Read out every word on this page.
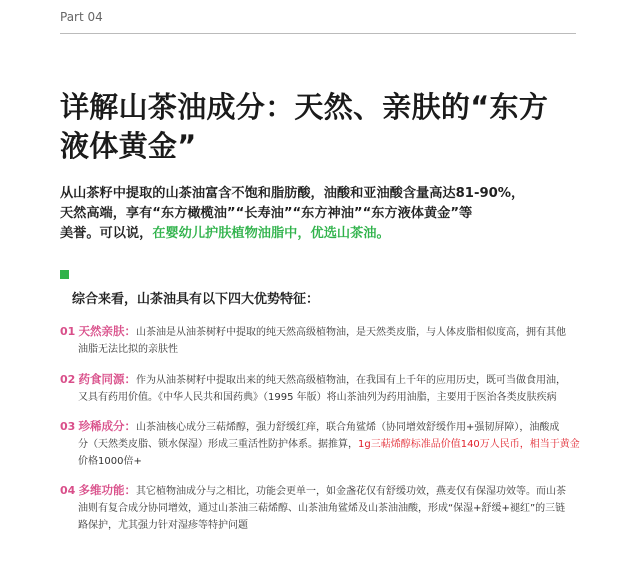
Part 04
详解山茶油成分：天然、亲肤的“东方
液体黄金”
从山茶籽中提取的山茶油富含不饱和脂肪酸，油酸和亚油酸含量高达81-90%，
天然高端，享有“东方橄榄油”“长寿油”“东方神油”“东方液体黄金”等
美誉。可以说，在婴幼儿护肤植物油脂中，优选山茶油。
综合来看，山茶油具有以下四大优势特征：
01 天然亲肤：山茶油是从油茶树籽中提取的纯天然高级植物油，是天然类皮脂，与人体皮脂相似度高，拥有其他
油脂无法比拟的亲肤性
02 药食同源：作为从油茶树籽中提取出来的纯天然高级植物油，在我国有上千年的应用历史，既可当做食用油，
又具有药用价值。《中华人民共和国药典》（1995 年版）将山茶油列为药用油脂，主要用于医治各类皮肤疾病
03 珍稀成分：山茶油核心成分三萜烯醇，强力舒缓红痒，联合角鲨烯（协同增效舒缓作用+强韧屏障），油酸成
分（天然类皮脂、锁水保湿）形成三重活性防护体系。据推算，1g三萜烯醇标准品价值140万人民币，相当于黄金
价格1000倍+
04 多维功能：其它植物油成分与之相比，功能会更单一，如金盏花仅有舒缓功效，燕麦仅有保湿功效等。而山茶
油则有复合成分协同增效，通过山茶油三萜烯醇、山茶油角鲨烯及山茶油油酸，形成“保湿+舒缓+褪红”的三链
路保护，尤其强力针对湿疹等特护问题
